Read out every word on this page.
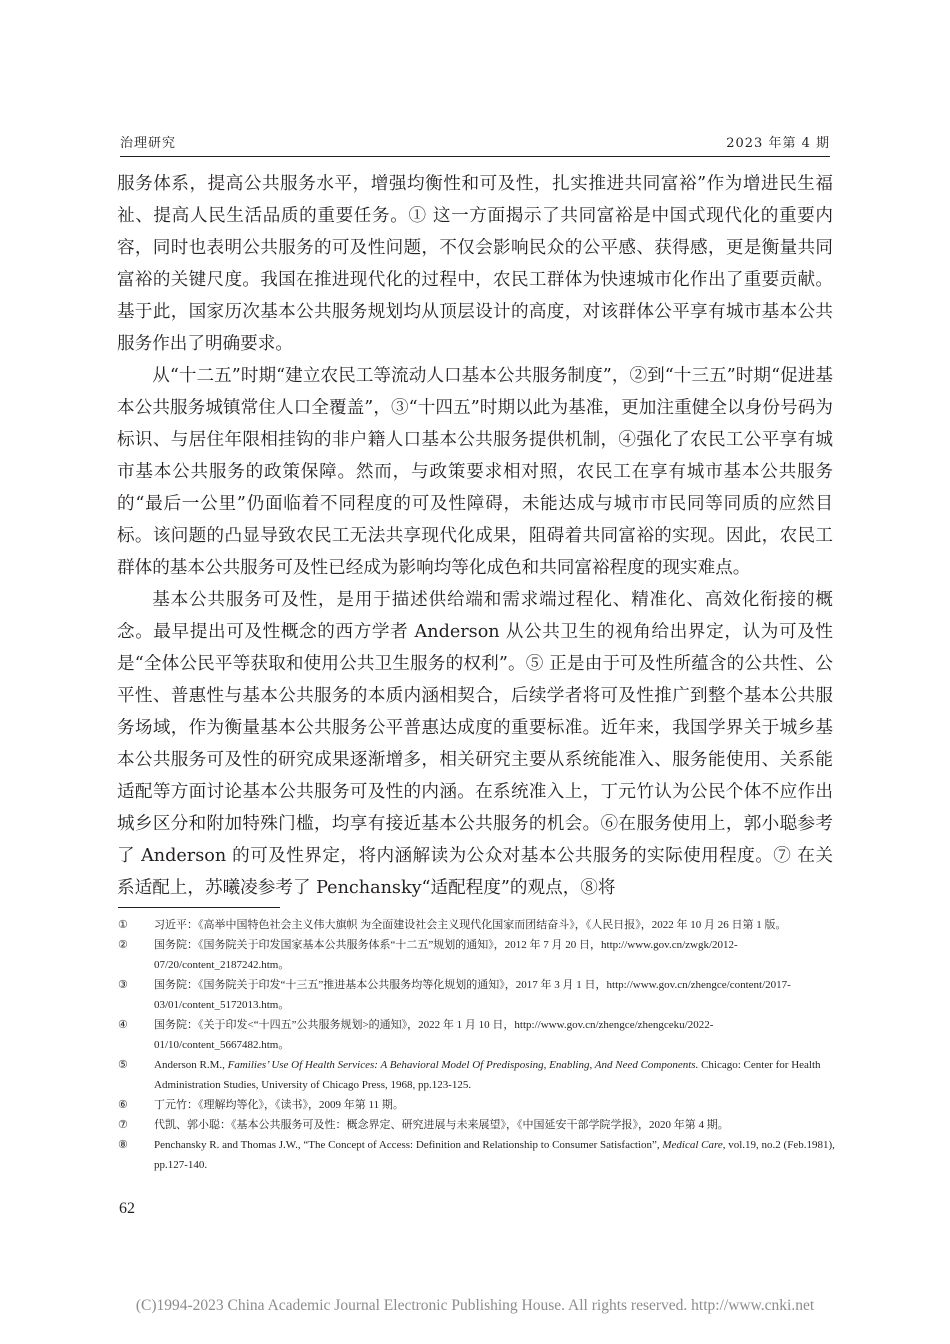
治理研究	2023 年第 4 期

服务体系，提高公共服务水平，增强均衡性和可及性，扎实推进共同富裕”作为增进民生福祉、提高人民生活品质的重要任务。① 这一方面揭示了共同富裕是中国式现代化的重要内容，同时也表明公共服务的可及性问题，不仅会影响民众的公平感、获得感，更是衡量共同富裕的关键尺度。我国在推进现代化的过程中，农民工群体为快速城市化作出了重要贡献。基于此，国家历次基本公共服务规划均从顶层设计的高度，对该群体公平享有城市基本公共服务作出了明确要求。

从“十二五”时期“建立农民工等流动人口基本公共服务制度”，②到“十三五”时期“促进基本公共服务城镇常住人口全覆盖”，③“十四五”时期以此为基准，更加注重健全以身份号码为标识、与居住年限相挂钩的非户籍人口基本公共服务提供机制，④强化了农民工公平享有城市基本公共服务的政策保障。然而，与政策要求相对照，农民工在享有城市基本公共服务的“最后一公里”仍面临着不同程度的可及性障碍，未能达成与城市市民同等同质的应然目标。该问题的凸显导致农民工无法共享现代化成果，阻碍着共同富裕的实现。因此，农民工群体的基本公共服务可及性已经成为影响均等化成色和共同富裕程度的现实难点。

基本公共服务可及性，是用于描述供给端和需求端过程化、精准化、高效化衔接的概念。最早提出可及性概念的西方学者 Anderson 从公共卫生的视角给出界定，认为可及性是“全体公民平等获取和使用公共卫生服务的权利”。⑤ 正是由于可及性所蕴含的公共性、公平性、普惠性与基本公共服务的本质内涵相契合，后续学者将可及性推广到整个基本公共服务场域，作为衡量基本公共服务公平普惠达成度的重要标准。近年来，我国学界关于城乡基本公共服务可及性的研究成果逐渐增多，相关研究主要从系统能准入、服务能使用、关系能适配等方面讨论基本公共服务可及性的内涵。在系统准入上，丁元竹认为公民个体不应作出城乡区分和附加特殊门槛，均享有接近基本公共服务的机会。⑥在服务使用上，郭小聪参考了 Anderson 的可及性界定，将内涵解读为公众对基本公共服务的实际使用程度。⑦ 在关系适配上，苏曦凌参考了 Penchansky“适配程度”的观点，⑧将

① 习近平：《高举中国特色社会主义伟大旗帜 为全面建设社会主义现代化国家而团结奋斗》，《人民日报》，2022 年 10 月 26 日第 1 版。

② 国务院：《国务院关于印发国家基本公共服务体系“十二五”规划的通知》，2012 年 7 月 20 日，http://www.gov.cn/zwgk/2012-07/20/content_2187242.htm。

③ 国务院：《国务院关于印发“十三五”推进基本公共服务均等化规划的通知》，2017 年 3 月 1 日，http://www.gov.cn/zhengce/content/2017-03/01/content_5172013.htm。

④ 国务院：《关于印发<“十四五”公共服务规划>的通知》，2022 年 1 月 10 日，http://www.gov.cn/zhengce/zhengceku/2022-01/10/content_5667482.htm。

⑤ Anderson R.M., Families’ Use Of Health Services: A Behavioral Model Of Predisposing, Enabling, And Need Components. Chicago: Center for Health Administration Studies, University of Chicago Press, 1968, pp.123-125.

⑥ 丁元竹：《理解均等化》，《读书》，2009 年第 11 期。

⑦ 代凯、郭小聪：《基本公共服务可及性：概念界定、研究进展与未来展望》，《中国延安干部学院学报》，2020 年第 4 期。

⑧ Penchansky R. and Thomas J.W., “The Concept of Access: Definition and Relationship to Consumer Satisfaction”, Medical Care, vol.19, no.2 (Feb.1981), pp.127-140.

62
(C)1994-2023 China Academic Journal Electronic Publishing House. All rights reserved. http://www.cnki.net
